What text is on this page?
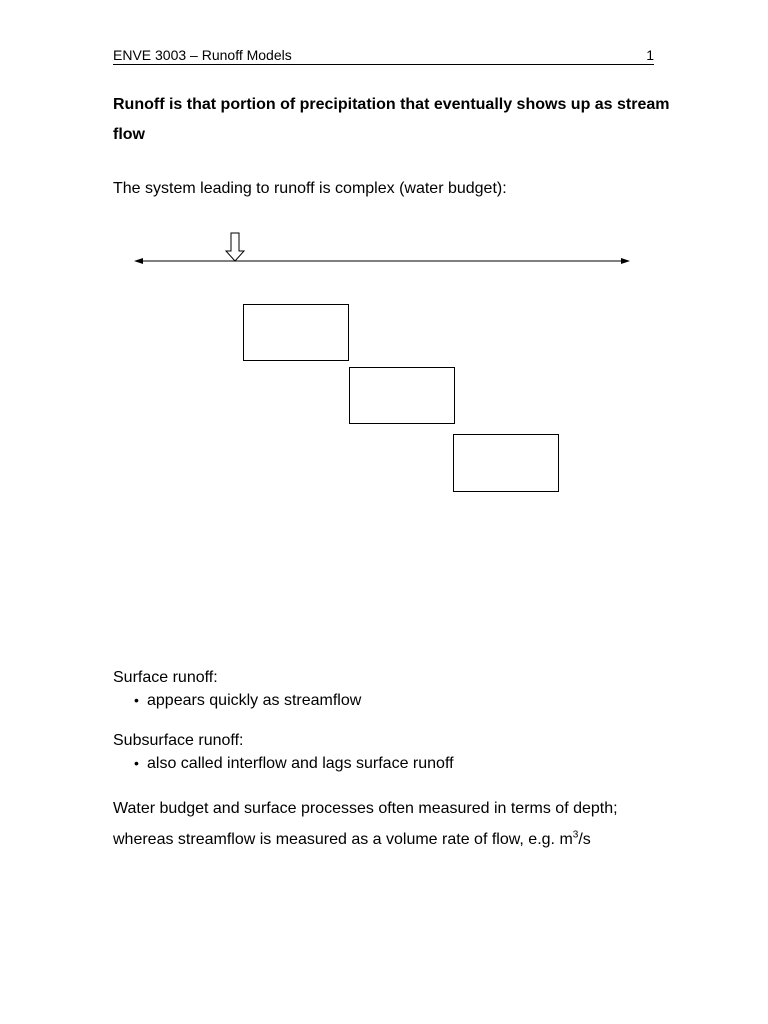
ENVE 3003 – Runoff Models	1
Runoff is that portion of precipitation that eventually shows up as stream flow
The system leading to runoff is complex (water budget):
Surface runoff:
• appears quickly as streamflow
Subsurface runoff:
• also called interflow and lags surface runoff
Water budget and surface processes often measured in terms of depth; whereas streamflow is measured as a volume rate of flow, e.g. $m^3/s$
